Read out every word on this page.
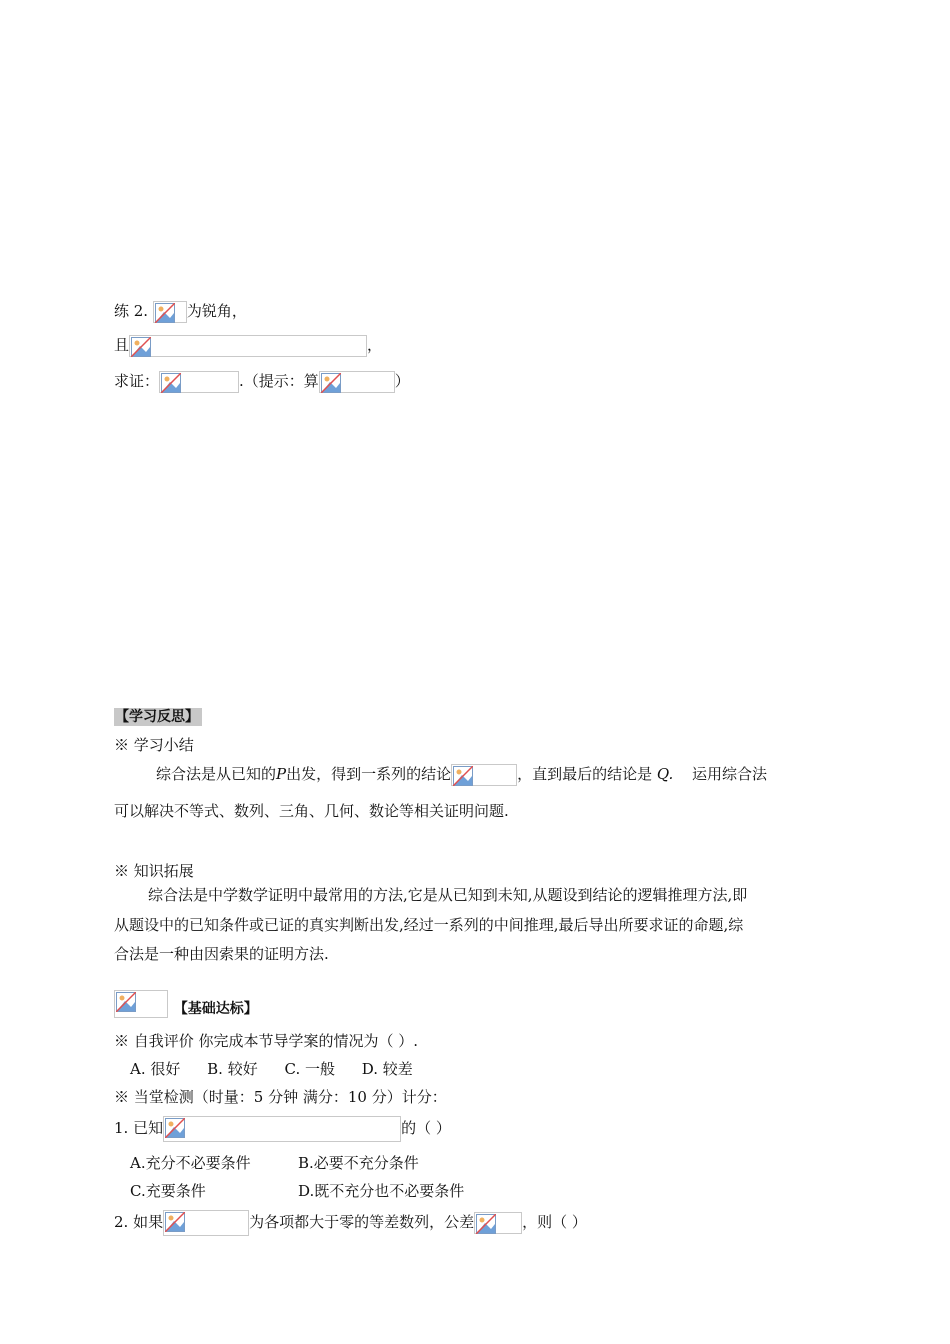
练 2.	为锐角，
且	，
求证：	.（提示：算	）
【学习反思】
※ 学习小结
综合法是从已知的P出发，得到一系列的结论	，直到最后的结论是 Q. 运用综合法
可以解决不等式、数列、三角、几何、数论等相关证明问题.
※ 知识拓展
综合法是中学数学证明中最常用的方法,它是从已知到未知,从题设到结论的逻辑推理方法,即
从题设中的已知条件或已证的真实判断出发,经过一系列的中间推理,最后导出所要求证的命题,综
合法是一种由因索果的证明方法.
【基础达标】
※ 自我评价 你完成本节导学案的情况为（ ）.
A. 很好 B. 较好 C. 一般 D. 较差
※ 当堂检测（时量：5 分钟 满分：10 分）计分：
1. 已知	的（ ）
A.充分不必要条件	B.必要不充分条件
C.充要条件	D.既不充分也不必要条件
2. 如果	为各项都大于零的等差数列，公差	，则（ ）
